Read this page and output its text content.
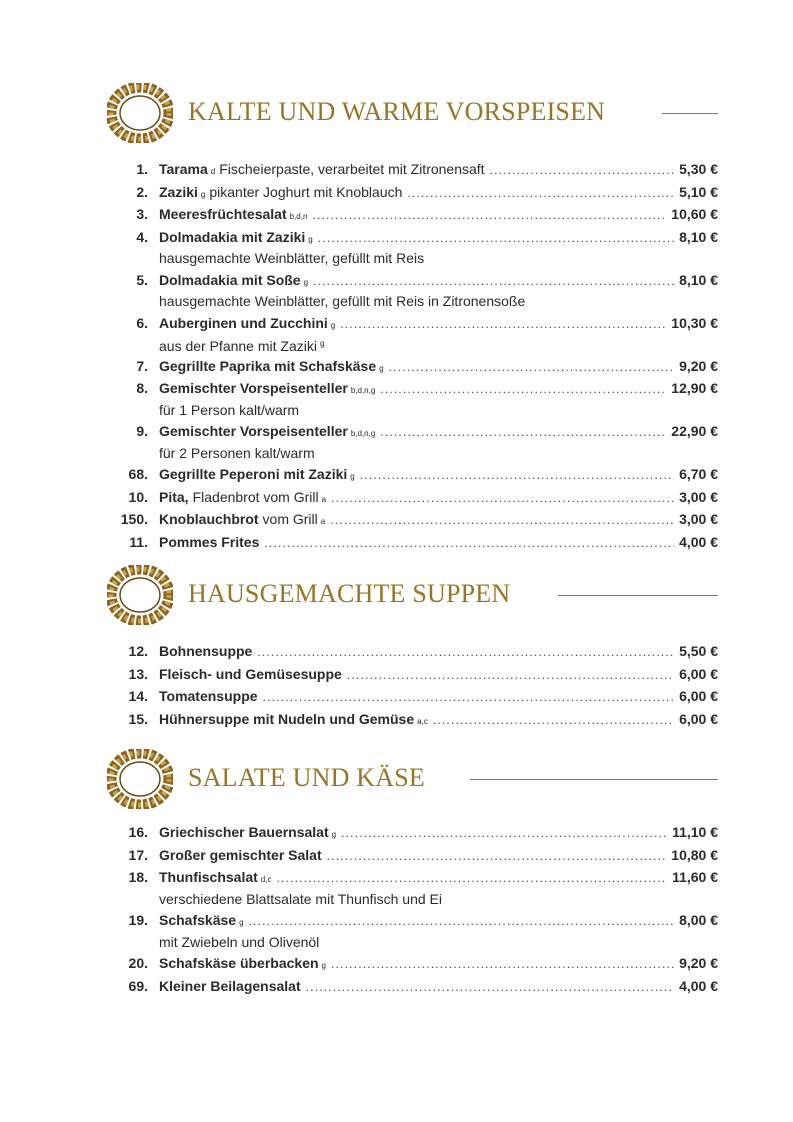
KALTE UND WARME VORSPEISEN
1. Tarama d Fischeierpaste, verarbeitet mit Zitronensaft .....	5,30 €
2. Zaziki g pikanter Joghurt mit Knoblauch .....	5,10 €
3. Meeresfrüchtesalat b,d,n .....	10,60 €
4. Dolmadakia mit Zaziki g .....	8,10 €
hausgemachte Weinblätter, gefüllt mit Reis
5. Dolmadakia mit Soße g .....	8,10 €
hausgemachte Weinblätter, gefüllt mit Reis in Zitronensoße
6. Auberginen und Zucchini g .....	10,30 €
aus der Pfanne mit Zaziki $^g$
7. Gegrillte Paprika mit Schafskäse g .....	9,20 €
8. Gemischter Vorspeisenteller b,d,n,g .....	12,90 €
für 1 Person kalt/warm
9. Gemischter Vorspeisenteller b,d,n,g .....	22,90 €
für 2 Personen kalt/warm
68. Gegrillte Peperoni mit Zaziki g .....	6,70 €
10. Pita, Fladenbrot vom Grill a .....	3,00 €
150. Knoblauchbrot vom Grill a .....	3,00 €
11. Pommes Frites .....	4,00 €
HAUSGEMACHTE SUPPEN
12. Bohnensuppe .....	5,50 €
13. Fleisch- und Gemüsesuppe .....	6,00 €
14. Tomatensuppe .....	6,00 €
15. Hühnersuppe mit Nudeln und Gemüse a,c .....	6,00 €
SALATE UND KÄSE
16. Griechischer Bauernsalat g .....	11,10 €
17. Großer gemischter Salat .....	10,80 €
18. Thunfischsalat d,c .....	11,60 €
verschiedene Blattsalate mit Thunfisch und Ei
19. Schafskäse g .....	8,00 €
mit Zwiebeln und Olivenöl
20. Schafskäse überbacken g .....	9,20 €
69. Kleiner Beilagensalat .....	4,00 €
